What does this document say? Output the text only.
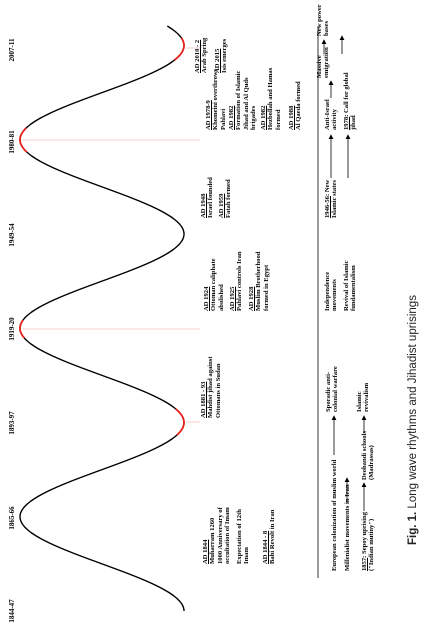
1844-47
1865-66
1893-97
1919-20
1949-54
1980-81
2007-11
AD 1844 Muharram 1260 1000 Anniversary of occultation of Imam Expectation of 12th Imam AD 1844 - 8 Babi Revolt in Iran
AD 1881 - 93 Mahdist jihad against Ottomans in Sudan
AD 1924 Ottoman caliphate abolished AD 1925 Pahlavi controls Iran AD 1928 Muslim Brotherhood formed in Egypt
AD 1948 Israel founded AD 1959 Fatah formed
AD 1978-9 Khomeini overthrows Pahlavi AD 1982 Formation of Islamic Jihad and Al Quds brigades AD 1982 Hezbollah and Hamas formed AD 1988 Al Qaeda formed
AD 2010 - 2 Arab Spring AD 2015 Isis emerges
European colonization of muslim world
Sporadic anti- colonial warfare
Millenialist movements in Iran 1857: Sepoy uprising ("Indian mutiny")
Deobandi schools (Madrassas)
Islamic revivalism
Independence movements Revival of Islamic fundamentalism
1946-56: New Islamic states
Anti-Israel activity 1978: Call for global
jihad
Massive emigration
New power bases
Fig. 1. Long wave rhythms and Jihadist uprisings
